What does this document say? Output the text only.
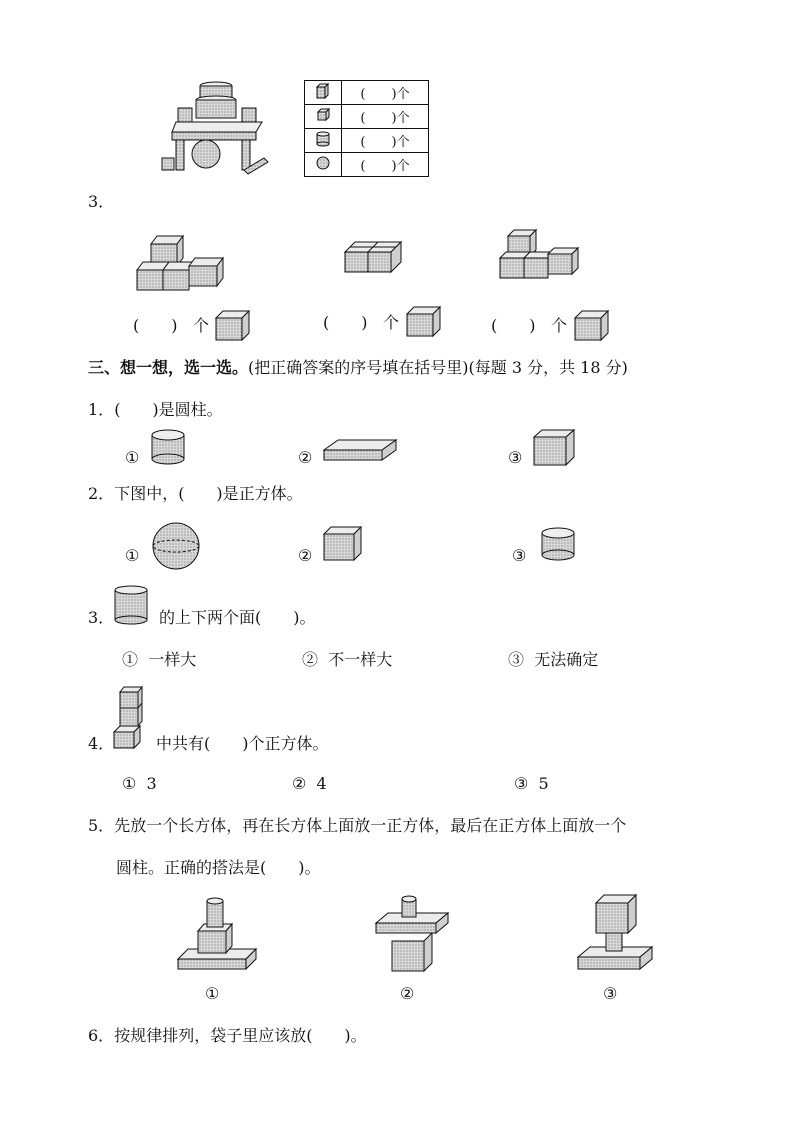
	(　　)个
	(　　)个
	(　　)个
	(　　)个
3．
(　　) 个	(　　) 个	(　　) 个
三、想一想，选一选。(把正确答案的序号填在括号里)(每题 3 分，共 18 分)
1．(　　)是圆柱。
①	②	③
2．下图中，(　　)是正方体。
①	②	③
3．	的上下两个面(　　)。
① 一样大	② 不一样大	③ 无法确定
4．	中共有(　　)个正方体。
① 3	② 4	③ 5
5．先放一个长方体，再在长方体上面放一正方体，最后在正方体上面放一个
圆柱。正确的搭法是(　　)。
①	②	③
6．按规律排列，袋子里应该放(　　)。
